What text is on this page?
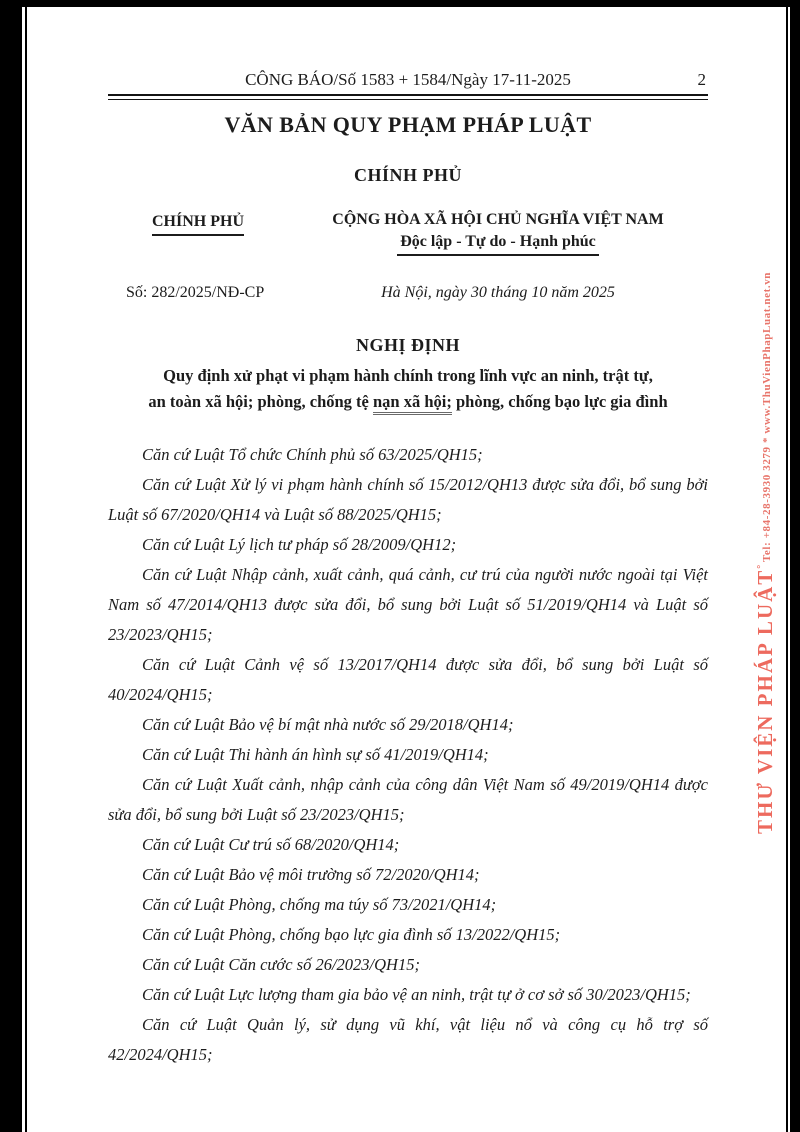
CÔNG BÁO/Số 1583 + 1584/Ngày 17-11-2025	2
VĂN BẢN QUY PHẠM PHÁP LUẬT
CHÍNH PHỦ
CHÍNH PHỦ	CỘNG HÒA XÃ HỘI CHỦ NGHĨA VIỆT NAM
Độc lập - Tự do - Hạnh phúc
Số: 282/2025/NĐ-CP	Hà Nội, ngày 30 tháng 10 năm 2025
NGHỊ ĐỊNH
Quy định xử phạt vi phạm hành chính trong lĩnh vực an ninh, trật tự,
an toàn xã hội; phòng, chống tệ nạn xã hội; phòng, chống bạo lực gia đình

Căn cứ Luật Tổ chức Chính phủ số 63/2025/QH15;

Căn cứ Luật Xử lý vi phạm hành chính số 15/2012/QH13 được sửa đổi, bổ sung bởi Luật số 67/2020/QH14 và Luật số 88/2025/QH15;

Căn cứ Luật Lý lịch tư pháp số 28/2009/QH12;

Căn cứ Luật Nhập cảnh, xuất cảnh, quá cảnh, cư trú của người nước ngoài tại Việt Nam số 47/2014/QH13 được sửa đổi, bổ sung bởi Luật số 51/2019/QH14 và Luật số 23/2023/QH15;

Căn cứ Luật Cảnh vệ số 13/2017/QH14 được sửa đổi, bổ sung bởi Luật số 40/2024/QH15;

Căn cứ Luật Bảo vệ bí mật nhà nước số 29/2018/QH14;

Căn cứ Luật Thi hành án hình sự số 41/2019/QH14;

Căn cứ Luật Xuất cảnh, nhập cảnh của công dân Việt Nam số 49/2019/QH14 được sửa đổi, bổ sung bởi Luật số 23/2023/QH15;

Căn cứ Luật Cư trú số 68/2020/QH14;

Căn cứ Luật Bảo vệ môi trường số 72/2020/QH14;

Căn cứ Luật Phòng, chống ma túy số 73/2021/QH14;

Căn cứ Luật Phòng, chống bạo lực gia đình số 13/2022/QH15;

Căn cứ Luật Căn cước số 26/2023/QH15;

Căn cứ Luật Lực lượng tham gia bảo vệ an ninh, trật tự ở cơ sở số 30/2023/QH15;

Căn cứ Luật Quản lý, sử dụng vũ khí, vật liệu nổ và công cụ hỗ trợ số 42/2024/QH15;

THƯ VIỆN PHÁP LUẬT°
Tel: +84-28-3930 3279 * www.ThuVienPhapLuat.net.vn
